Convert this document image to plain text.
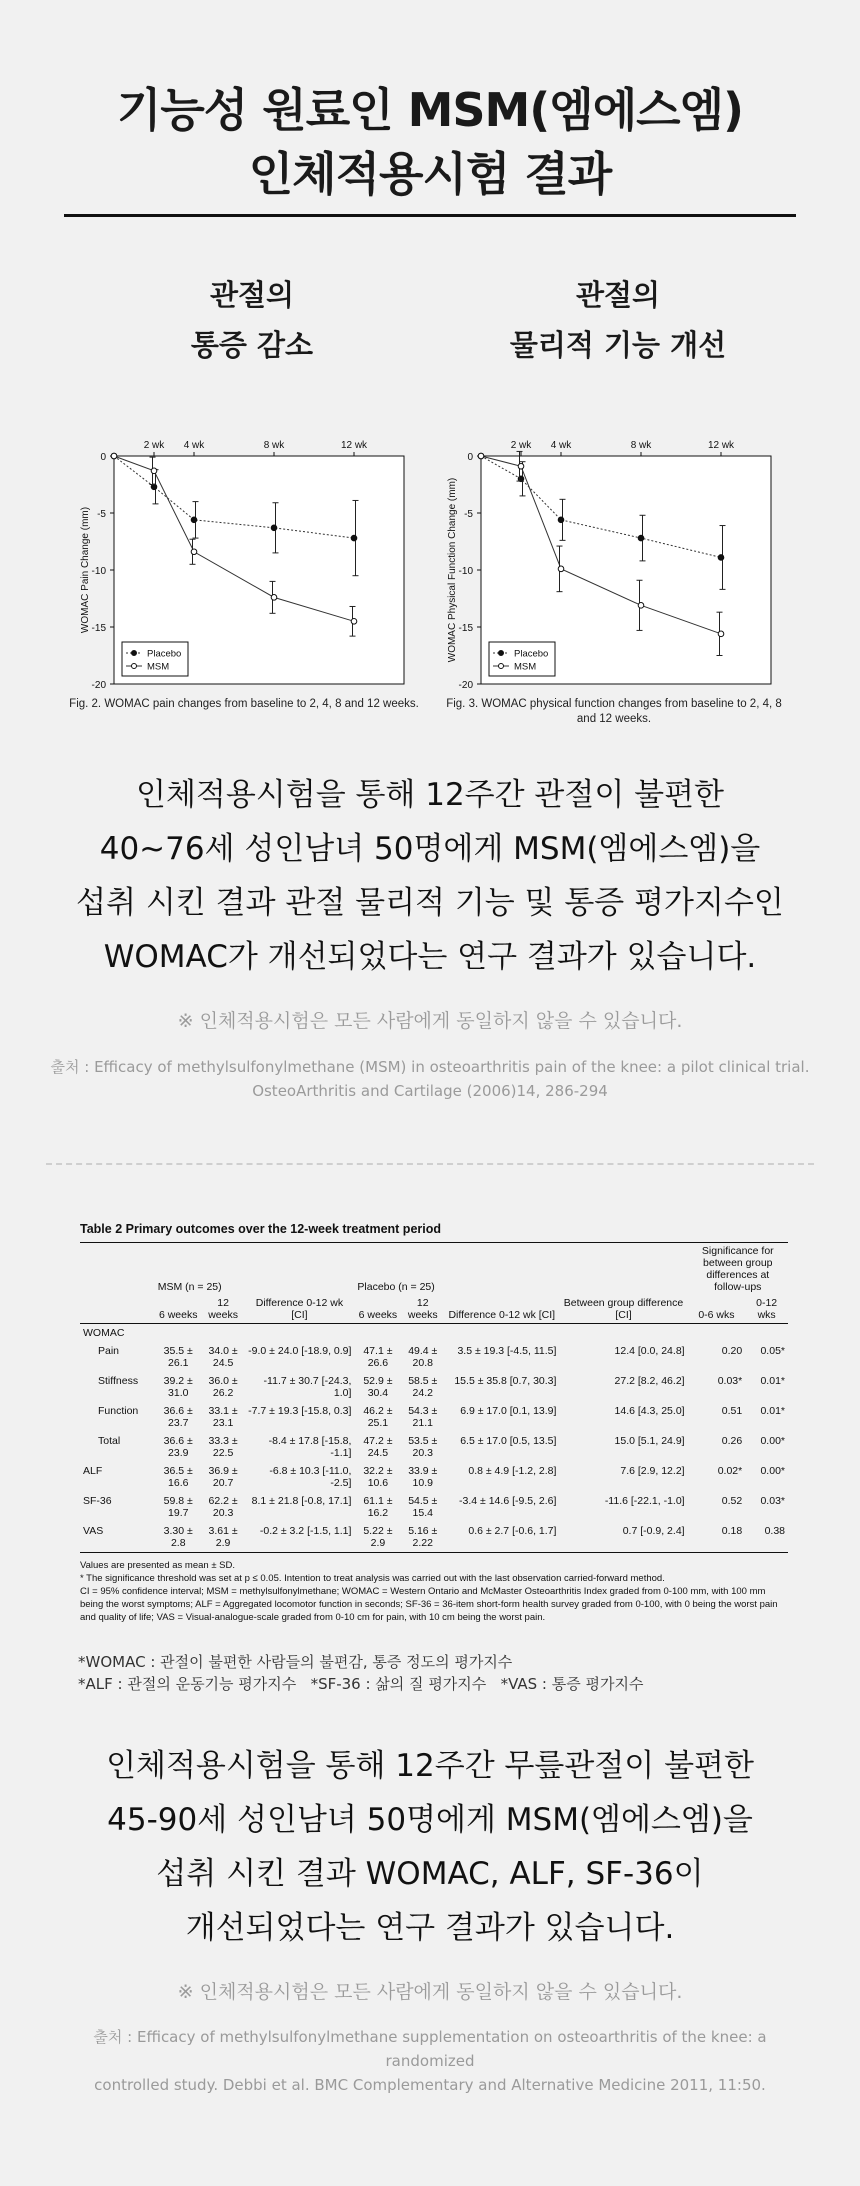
기능성 원료인 MSM(엠에스엠)
인체적용시험 결과
관절의
통증 감소
관절의
물리적 기능 개선
0
-5
-10
-15
-20
2 wk 4 wk	8 wk	12 wk
WOMAC Pain Change (mm)
Placebo
MSM
0
-5
-10
-15
-20
2 wk 4 wk	8 wk	12 wk
WOMAC Physical Function Change (mm)	Placebo
MSM
Fig. 2. WOMAC pain changes from baseline to 2, 4, 8 and 12 weeks.	Fig. 3. WOMAC physical function changes from baseline to 2, 4, 8 and 12 weeks.

인체적용시험을 통해 12주간 관절이 불편한

40~76세 성인남녀 50명에게 MSM(엠에스엠)을

섭취 시킨 결과 관절 물리적 기능 및 통증 평가지수인

WOMAC가 개선되었다는 연구 결과가 있습니다.

※ 인체적용시험은 모든 사람에게 동일하지 않을 수 있습니다.
출처 : Efficacy of methylsulfonylmethane (MSM) in osteoarthritis pain of the knee: a pilot clinical trial.
OsteoArthritis and Cartilage (2006)14, 286-294
Table 2 Primary outcomes over the 12-week treatment period
	MSM (n = 25)			Placebo (n = 25)				Significance for between group differences at follow-ups	
	6 weeks	12 weeks	Difference 0-12 wk [CI]	6 weeks	12 weeks	Difference 0-12 wk [CI]	Between group difference [CI]	0-6 wks	0-12 wks
WOMAC									
Pain	35.5 ± 26.1	34.0 ± 24.5	-9.0 ± 24.0 [-18.9, 0.9]	47.1 ± 26.6	49.4 ± 20.8	3.5 ± 19.3 [-4.5, 11.5]	12.4 [0.0, 24.8]	0.20	0.05*
Stiffness	39.2 ± 31.0	36.0 ± 26.2	-11.7 ± 30.7 [-24.3, 1.0]	52.9 ± 30.4	58.5 ± 24.2	15.5 ± 35.8 [0.7, 30.3]	27.2 [8.2, 46.2]	0.03*	0.01*
Function	36.6 ± 23.7	33.1 ± 23.1	-7.7 ± 19.3 [-15.8, 0.3]	46.2 ± 25.1	54.3 ± 21.1	6.9 ± 17.0 [0.1, 13.9]	14.6 [4.3, 25.0]	0.51	0.01*
Total	36.6 ± 23.9	33.3 ± 22.5	-8.4 ± 17.8 [-15.8, -1.1]	47.2 ± 24.5	53.5 ± 20.3	6.5 ± 17.0 [0.5, 13.5]	15.0 [5.1, 24.9]	0.26	0.00*
ALF	36.5 ± 16.6	36.9 ± 20.7	-6.8 ± 10.3 [-11.0, -2.5]	32.2 ± 10.6	33.9 ± 10.9	0.8 ± 4.9 [-1.2, 2.8]	7.6 [2.9, 12.2]	0.02*	0.00*
SF-36	59.8 ± 19.7	62.2 ± 20.3	8.1 ± 21.8 [-0.8, 17.1]	61.1 ± 16.2	54.5 ± 15.4	-3.4 ± 14.6 [-9.5, 2.6]	-11.6 [-22.1, -1.0]	0.52	0.03*
VAS	3.30 ± 2.8	3.61 ± 2.9	-0.2 ± 3.2 [-1.5, 1.1]	5.22 ± 2.9	5.16 ± 2.22	0.6 ± 2.7 [-0.6, 1.7]	0.7 [-0.9, 2.4]	0.18	0.38
Values are presented as mean ± SD.
* The significance threshold was set at p ≤ 0.05. Intention to treat analysis was carried out with the last observation carried-forward method.
CI = 95% confidence interval; MSM = methylsulfonylmethane; WOMAC = Western Ontario and McMaster Osteoarthritis Index graded from 0-100 mm, with 100 mm being the worst symptoms; ALF = Aggregated locomotor function in seconds; SF-36 = 36-item short-form health survey graded from 0-100, with 0 being the worst pain and quality of life; VAS = Visual-analogue-scale graded from 0-10 cm for pain, with 10 cm being the worst pain.
*WOMAC : 관절이 불편한 사람들의 불편감, 통증 정도의 평가지수
*ALF : 관절의 운동기능 평가지수   *SF-36 : 삶의 질 평가지수   *VAS : 통증 평가지수

인체적용시험을 통해 12주간 무릎관절이 불편한

45-90세 성인남녀 50명에게 MSM(엠에스엠)을

섭취 시킨 결과 WOMAC, ALF, SF-36이

개선되었다는 연구 결과가 있습니다.

※ 인체적용시험은 모든 사람에게 동일하지 않을 수 있습니다.
출처 : Efficacy of methylsulfonylmethane supplementation on osteoarthritis of the knee: a randomized
controlled study. Debbi et al. BMC Complementary and Alternative Medicine 2011, 11:50.
